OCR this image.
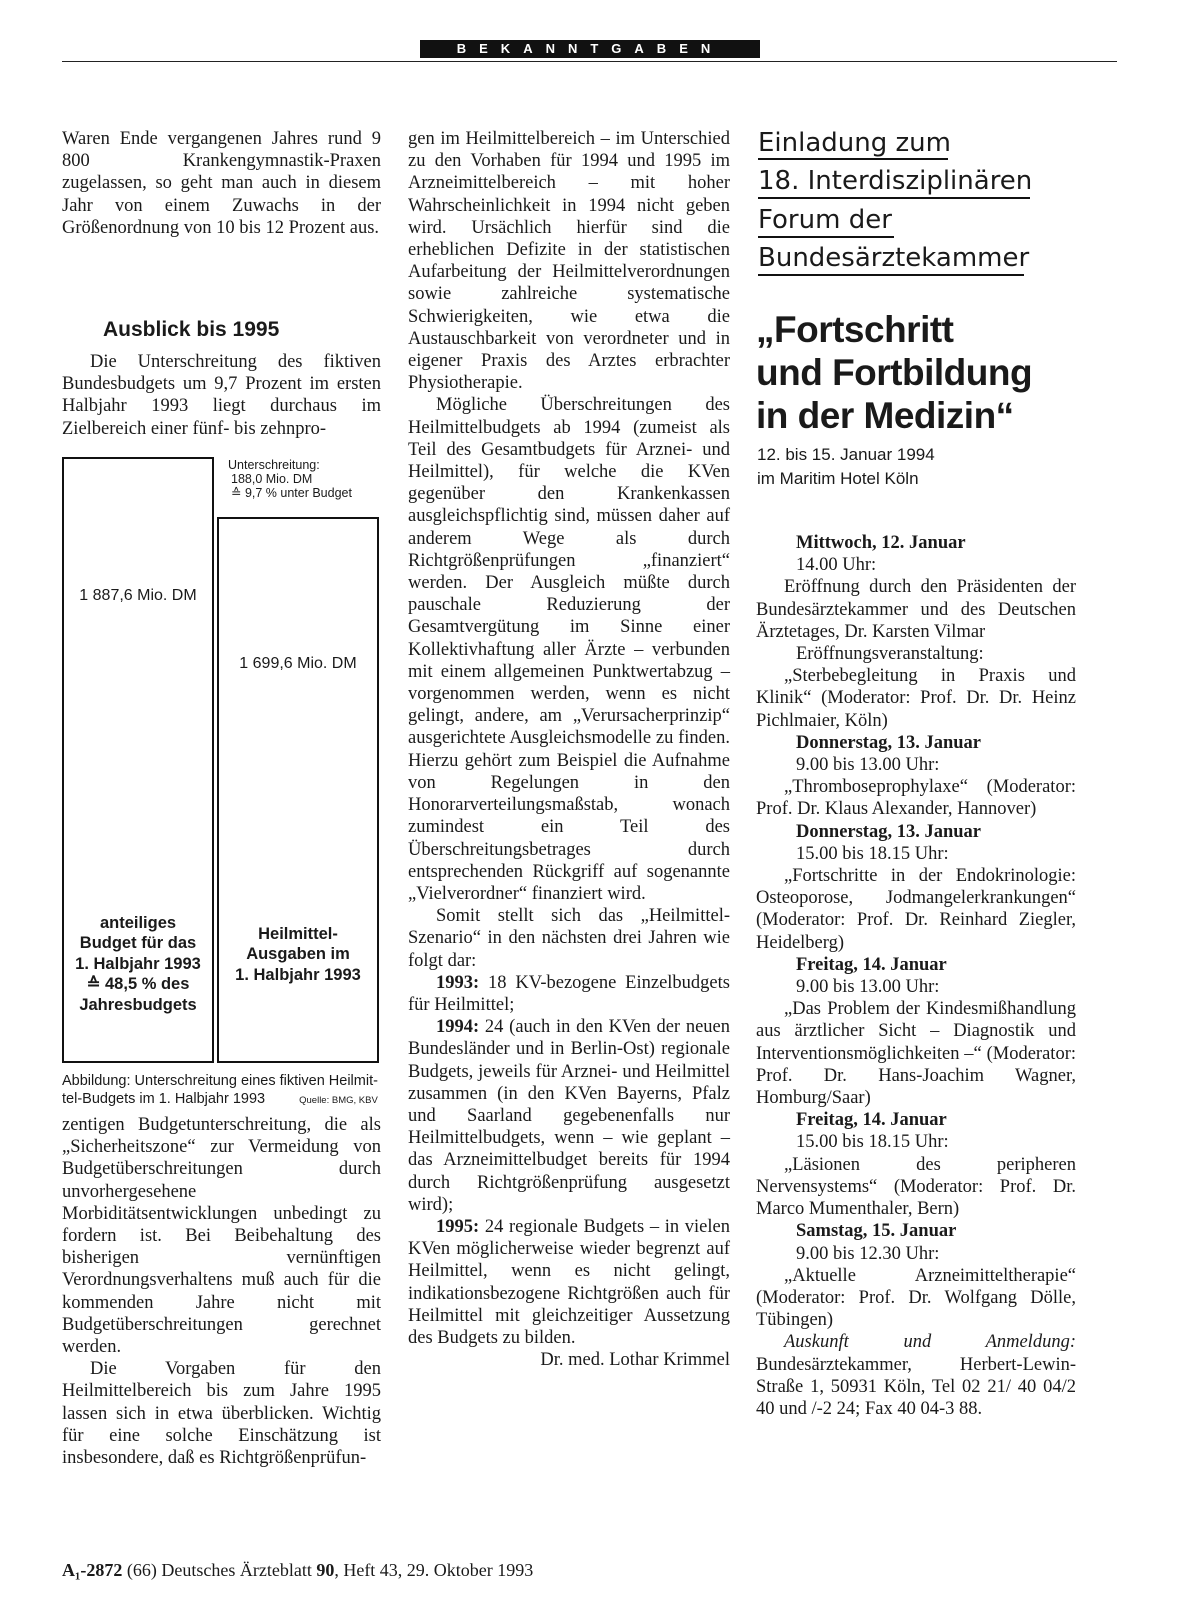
BEKANNTGABEN

Waren Ende vergangenen Jahres rund 9 800 Krankengymnastik-Praxen zugelassen, so geht man auch in diesem Jahr von einem Zuwachs in der Größenordnung von 10 bis 12 Prozent aus.

Ausblick bis 1995

Die Unterschreitung des fiktiven Bundesbudgets um 9,7 Prozent im ersten Halbjahr 1993 liegt durchaus im Zielbereich einer fünf- bis zehnpro-

Unterschreitung:
188,0 Mio. DM
≙ 9,7 % unter Budget
1 887,6 Mio. DM
anteiliges
Budget für das
1. Halbjahr 1993
≙ 48,5 % des
Jahresbudgets
1 699,6 Mio. DM
Heilmittel-
Ausgaben im
1. Halbjahr 1993
Abbildung: Unterschreitung eines fiktiven Heilmit-
tel-Budgets im 1. Halbjahr 1993	Quelle: BMG, KBV

zentigen Budgetunterschreitung, die als „Sicherheitszone“ zur Vermeidung von Budgetüberschreitungen durch unvorhergesehene Morbiditätsentwicklungen unbedingt zu fordern ist. Bei Beibehaltung des bisherigen vernünftigen Verordnungsverhaltens muß auch für die kommenden Jahre nicht mit Budgetüberschreitungen gerechnet werden.

Die Vorgaben für den Heilmittelbereich bis zum Jahre 1995 lassen sich in etwa überblicken. Wichtig für eine solche Einschätzung ist insbesondere, daß es Richtgrößenprüfun-

gen im Heilmittelbereich – im Unterschied zu den Vorhaben für 1994 und 1995 im Arzneimittelbereich – mit hoher Wahrscheinlichkeit in 1994 nicht geben wird. Ursächlich hierfür sind die erheblichen Defizite in der statistischen Aufarbeitung der Heilmittelverordnungen sowie zahlreiche systematische Schwierigkeiten, wie etwa die Austauschbarkeit von verordneter und in eigener Praxis des Arztes erbrachter Physiotherapie.

Mögliche Überschreitungen des Heilmittelbudgets ab 1994 (zumeist als Teil des Gesamtbudgets für Arznei- und Heilmittel), für welche die KVen gegenüber den Krankenkassen ausgleichspflichtig sind, müssen daher auf anderem Wege als durch Richtgrößenprüfungen „finanziert“ werden. Der Ausgleich müßte durch pauschale Reduzierung der Gesamtvergütung im Sinne einer Kollektivhaftung aller Ärzte – verbunden mit einem allgemeinen Punktwertabzug – vorgenommen werden, wenn es nicht gelingt, andere, am „Verursacherprinzip“ ausgerichtete Ausgleichsmodelle zu finden. Hierzu gehört zum Beispiel die Aufnahme von Regelungen in den Honorarverteilungsmaßstab, wonach zumindest ein Teil des Überschreitungsbetrages durch entsprechenden Rückgriff auf sogenannte „Vielverordner“ finanziert wird.

Somit stellt sich das „Heilmittel-Szenario“ in den nächsten drei Jahren wie folgt dar:

1993: 18 KV-bezogene Einzelbudgets für Heilmittel;

1994: 24 (auch in den KVen der neuen Bundesländer und in Berlin-Ost) regionale Budgets, jeweils für Arznei- und Heilmittel zusammen (in den KVen Bayerns, Pfalz und Saarland gegebenenfalls nur Heilmittelbudgets, wenn – wie geplant – das Arzneimittelbudget bereits für 1994 durch Richtgrößenprüfung ausgesetzt wird);

1995: 24 regionale Budgets – in vielen KVen möglicherweise wieder begrenzt auf Heilmittel, wenn es nicht gelingt, indikationsbezogene Richtgrößen auch für Heilmittel mit gleichzeitiger Aussetzung des Budgets zu bilden.

Dr. med. Lothar Krimmel

Einladung zum
18. Interdisziplinären
Forum der
Bundesärztekammer
„Fortschritt
und Fortbildung
in der Medizin“
12. bis 15. Januar 1994
im Maritim Hotel Köln
Mittwoch, 12. Januar
14.00 Uhr:
Eröffnung durch den Präsidenten der Bundesärztekammer und des Deutschen Ärztetages, Dr. Karsten Vilmar
Eröffnungsveranstaltung:
„Sterbebegleitung in Praxis und Klinik“ (Moderator: Prof. Dr. Dr. Heinz Pichlmaier, Köln)
Donnerstag, 13. Januar
9.00 bis 13.00 Uhr:
„Thromboseprophylaxe“ (Moderator: Prof. Dr. Klaus Alexander, Hannover)
Donnerstag, 13. Januar
15.00 bis 18.15 Uhr:
„Fortschritte in der Endokrinologie: Osteoporose, Jodmangelerkrankungen“ (Moderator: Prof. Dr. Reinhard Ziegler, Heidelberg)
Freitag, 14. Januar
9.00 bis 13.00 Uhr:
„Das Problem der Kindesmißhandlung aus ärztlicher Sicht – Diagnostik und Interventionsmöglichkeiten –“ (Moderator: Prof. Dr. Hans-Joachim Wagner, Homburg/Saar)
Freitag, 14. Januar
15.00 bis 18.15 Uhr:
„Läsionen des peripheren Nervensystems“ (Moderator: Prof. Dr. Marco Mumenthaler, Bern)
Samstag, 15. Januar
9.00 bis 12.30 Uhr:
„Aktuelle Arzneimitteltherapie“ (Moderator: Prof. Dr. Wolfgang Dölle, Tübingen)
Auskunft und Anmeldung: Bundesärztekammer, Herbert-Lewin-Straße 1, 50931 Köln, Tel 02 21/ 40 04/2 40 und /-2 24; Fax 40 04-3 88.
A₁-2872 (66) Deutsches Ärzteblatt 90, Heft 43, 29. Oktober 1993
